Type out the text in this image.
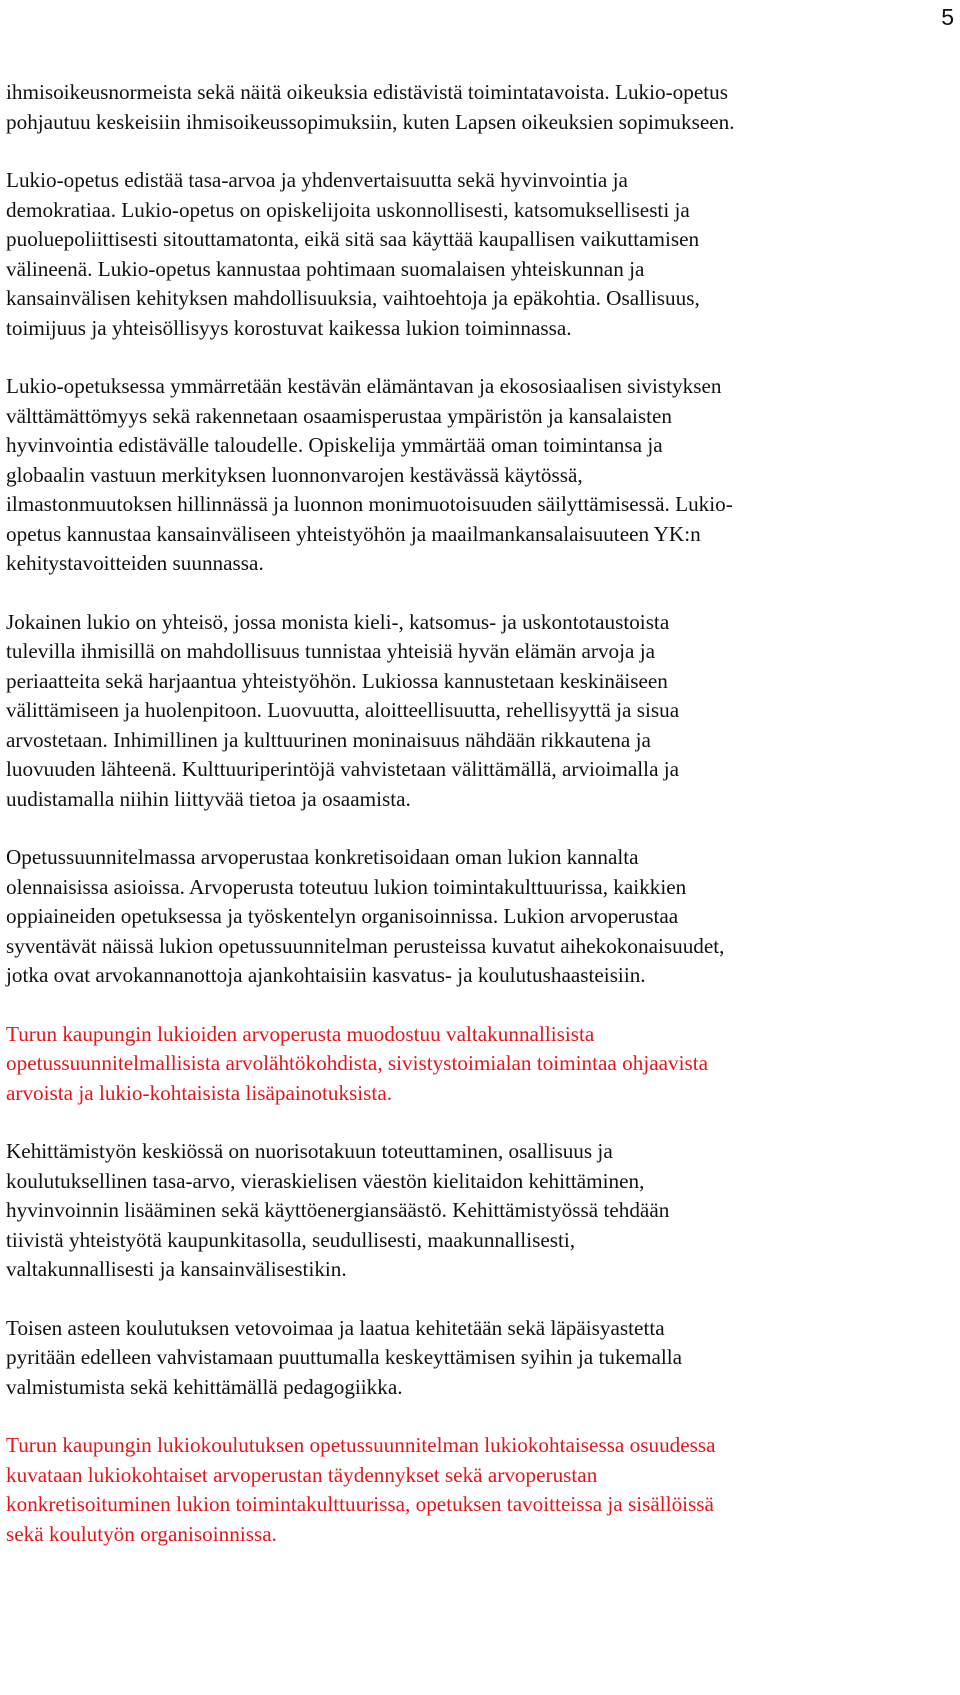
5

ihmisoikeusnormeista sekä näitä oikeuksia edistävistä toimintatavoista. Lukio-opetus
pohjautuu keskeisiin ihmisoikeussopimuksiin, kuten Lapsen oikeuksien sopimukseen.

Lukio-opetus edistää tasa-arvoa ja yhdenvertaisuutta sekä hyvinvointia ja
demokratiaa. Lukio-opetus on opiskelijoita uskonnollisesti, katsomuksellisesti ja
puoluepoliittisesti sitouttamatonta, eikä sitä saa käyttää kaupallisen vaikuttamisen
välineenä. Lukio-opetus kannustaa pohtimaan suomalaisen yhteiskunnan ja
kansainvälisen kehityksen mahdollisuuksia, vaihtoehtoja ja epäkohtia. Osallisuus,
toimijuus ja yhteisöllisyys korostuvat kaikessa lukion toiminnassa.

Lukio-opetuksessa ymmärretään kestävän elämäntavan ja ekososiaalisen sivistyksen
välttämättömyys sekä rakennetaan osaamisperustaa ympäristön ja kansalaisten
hyvinvointia edistävälle taloudelle. Opiskelija ymmärtää oman toimintansa ja
globaalin vastuun merkityksen luonnonvarojen kestävässä käytössä,
ilmastonmuutoksen hillinnässä ja luonnon monimuotoisuuden säilyttämisessä. Lukio-
opetus kannustaa kansainväliseen yhteistyöhön ja maailmankansalaisuuteen YK:n
kehitystavoitteiden suunnassa.

Jokainen lukio on yhteisö, jossa monista kieli-, katsomus- ja uskontotaustoista
tulevilla ihmisillä on mahdollisuus tunnistaa yhteisiä hyvän elämän arvoja ja
periaatteita sekä harjaantua yhteistyöhön. Lukiossa kannustetaan keskinäiseen
välittämiseen ja huolenpitoon. Luovuutta, aloitteellisuutta, rehellisyyttä ja sisua
arvostetaan. Inhimillinen ja kulttuurinen moninaisuus nähdään rikkautena ja
luovuuden lähteenä. Kulttuuriperintöjä vahvistetaan välittämällä, arvioimalla ja
uudistamalla niihin liittyvää tietoa ja osaamista.

Opetussuunnitelmassa arvoperustaa konkretisoidaan oman lukion kannalta
olennaisissa asioissa. Arvoperusta toteutuu lukion toimintakulttuurissa, kaikkien
oppiaineiden opetuksessa ja työskentelyn organisoinnissa. Lukion arvoperustaa
syventävät näissä lukion opetussuunnitelman perusteissa kuvatut aihekokonaisuudet,
jotka ovat arvokannanottoja ajankohtaisiin kasvatus- ja koulutushaasteisiin.

Turun kaupungin lukioiden arvoperusta muodostuu valtakunnallisista
opetussuunnitelmallisista arvolähtökohdista, sivistystoimialan toimintaa ohjaavista
arvoista ja lukio-kohtaisista lisäpainotuksista.

Kehittämistyön keskiössä on nuorisotakuun toteuttaminen, osallisuus ja
koulutuksellinen tasa-arvo, vieraskielisen väestön kielitaidon kehittäminen,
hyvinvoinnin lisääminen sekä käyttöenergiansäästö. Kehittämistyössä tehdään
tiivistä yhteistyötä kaupunkitasolla, seudullisesti, maakunnallisesti,
valtakunnallisesti ja kansainvälisestikin.

Toisen asteen koulutuksen vetovoimaa ja laatua kehitetään sekä läpäisyastetta
pyritään edelleen vahvistamaan puuttumalla keskeyttämisen syihin ja tukemalla
valmistumista sekä kehittämällä pedagogiikka.

Turun kaupungin lukiokoulutuksen opetussuunnitelman lukiokohtaisessa osuudessa
kuvataan lukiokohtaiset arvoperustan täydennykset sekä arvoperustan
konkretisoituminen lukion toimintakulttuurissa, opetuksen tavoitteissa ja sisällöissä
sekä koulutyön organisoinnissa.
